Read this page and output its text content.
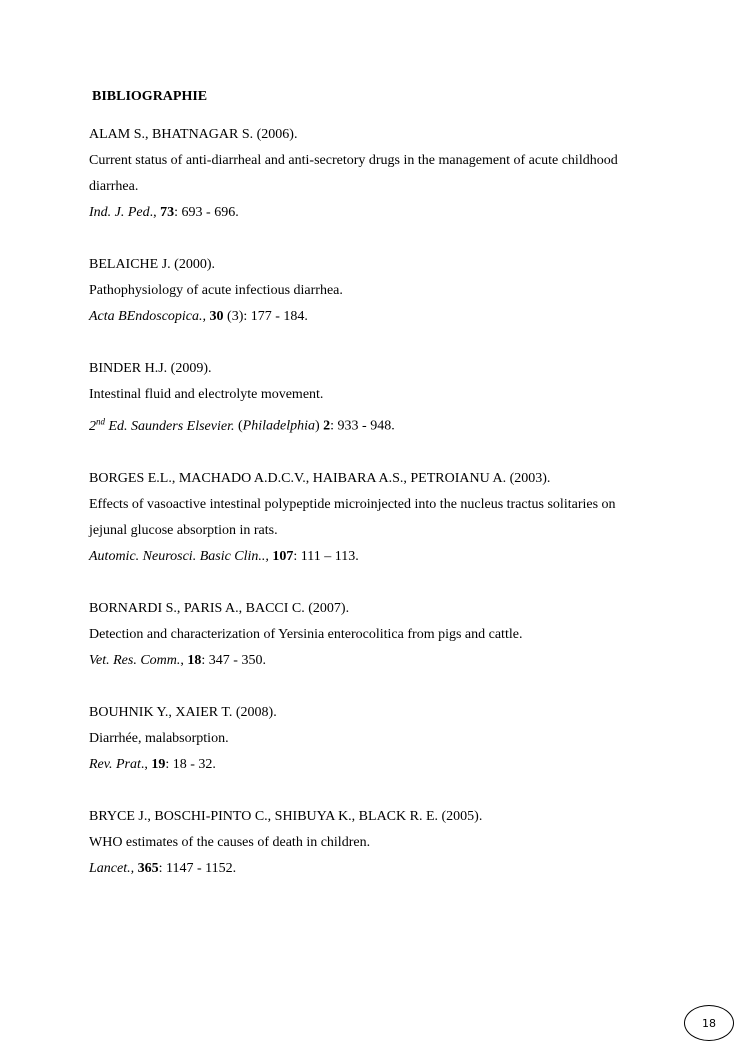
BIBLIOGRAPHIE
ALAM S., BHATNAGAR S. (2006).
Current status of anti-diarrheal and anti-secretory drugs in the management of acute childhood
diarrhea.
Ind. J. Ped., 73: 693 - 696.
BELAICHE J. (2000).
Pathophysiology of acute infectious diarrhea.
Acta BEndoscopica., 30 (3): 177 - 184.
BINDER H.J. (2009).
Intestinal fluid and electrolyte movement.
2nd Ed. Saunders Elsevier. (Philadelphia) 2: 933 - 948.
BORGES E.L., MACHADO A.D.C.V., HAIBARA A.S., PETROIANU A. (2003).
Effects of vasoactive intestinal polypeptide microinjected into the nucleus tractus solitaries on
jejunal glucose absorption in rats.
Automic. Neurosci. Basic Clin.., 107: 111 – 113.
BORNARDI S., PARIS A., BACCI C. (2007).
Detection and characterization of Yersinia enterocolitica from pigs and cattle.
Vet. Res. Comm., 18: 347 - 350.
BOUHNIK Y., XAIER T. (2008).
Diarrhée, malabsorption.
Rev. Prat., 19: 18 - 32.
BRYCE J., BOSCHI-PINTO C., SHIBUYA K., BLACK R. E. (2005).
WHO estimates of the causes of death in children.
Lancet., 365: 1147 - 1152.
18
